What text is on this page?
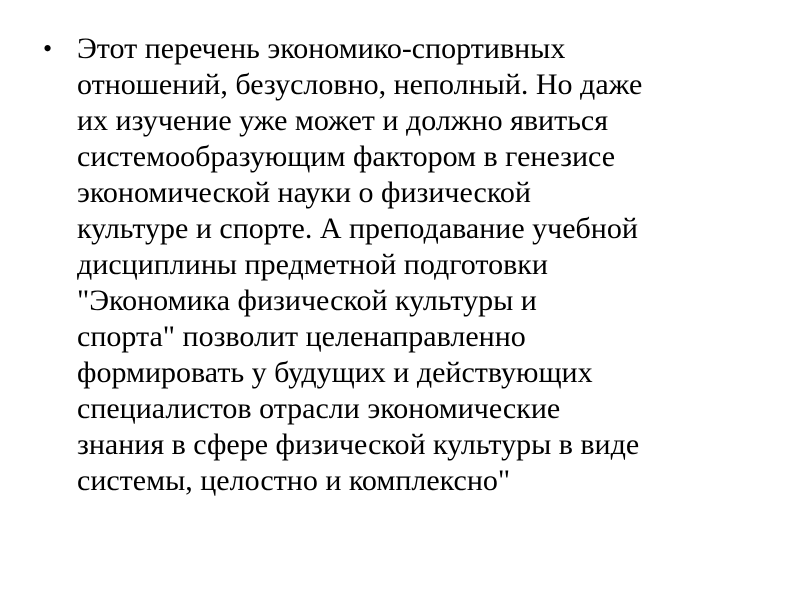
• Этот перечень экономико-спортивных
отношений, безусловно, неполный. Но даже
их изучение уже может и должно явиться
системообразующим фактором в генезисе
экономической науки о физической
культуре и спорте. А преподавание учебной
дисциплины предметной подготовки
"Экономика физической культуры и
спорта" позволит целенаправленно
формировать у будущих и действующих
специалистов отрасли экономические
знания в сфере физической культуры в виде
системы, целостно и комплексно"
